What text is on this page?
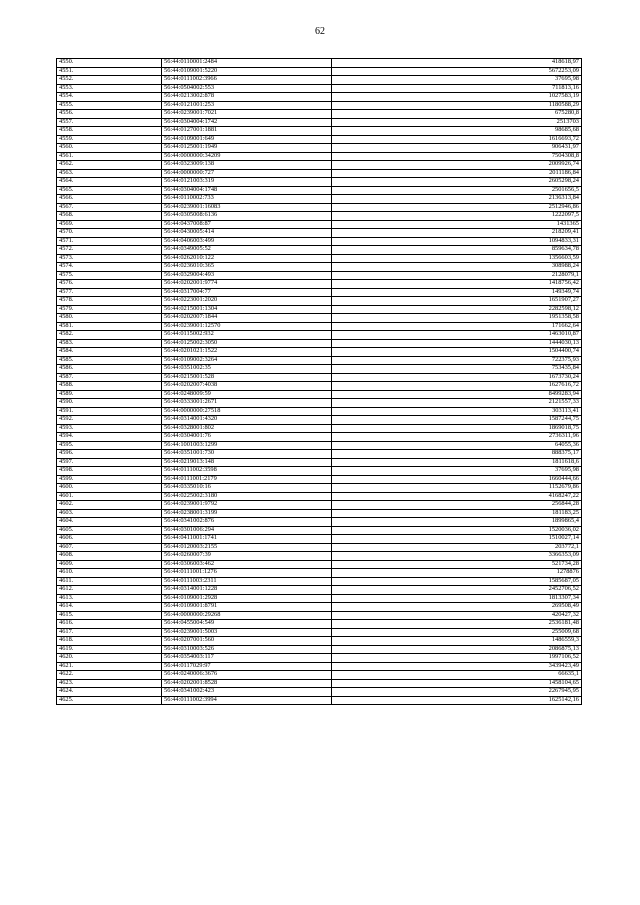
62
4550.	56:44:0110001:2484	418618,97
4551.	56:44:0109001:5220	5672253,09
4552.	56:44:0111002:3966	37695,98
4553.	56:44:0504002:553	711813,16
4554.	56:44:0213002:878	1027583,19
4555.	56:44:0121001:253	1180588,29
4556.	56:44:0239001:7021	675280,8
4557.	56:44:0304004:1742	2513703
4558.	56:44:0127001:1881	98685,68
4559.	56:44:0109001:649	1616693,72
4560.	56:44:0125001:1949	906431,97
4561.	56:44:0000000:34209	7504308,8
4562.	56:44:0323009:138	2009926,74
4563.	56:44:0000000:727	2011186,84
4564.	56:44:0121003:319	2605298,24
4565.	56:44:0304004:1748	2501656,5
4566.	56:44:0110002:733	2136313,84
4567.	56:44:0239001:16083	2512946,86
4568.	56:44:0305008:6136	1222097,5
4569.	56:44:0437008:87	1431365
4570.	56:44:0430005:414	218209,41
4571.	56:44:0406003:499	1094833,31
4572.	56:44:0349005:52	859634,78
4573.	56:44:0262010:122	1356603,59
4574.	56:44:0236010:365	308988,24
4575.	56:44:0329004:493	2128079,1
4576.	56:44:0202001:9774	1418756,42
4577.	56:44:0317004:77	149349,74
4578.	56:44:0223001:2020	1651907,27
4579.	56:44:0215001:1304	2282598,12
4580.	56:44:0202007:1844	1951358,58
4581.	56:44:0239001:12570	171662,64
4582.	56:44:0115002:932	1463010,87
4583.	56:44:0125002:3050	1444030,13
4584.	56:44:0201021:1522	1504400,74
4585.	56:44:0109002:3264	722375,93
4586.	56:44:0351002:35	753435,84
4587.	56:44:0215001:528	1673730,24
4588.	56:44:0202007:4038	1627616,72
4589.	56:44:0248009:59	8499283,94
4590.	56:44:0333001:2671	2121557,33
4591.	56:44:0000000:27518	303113,41
4592.	56:44:0314001:4320	1587244,75
4593.	56:44:0328001:802	1869018,75
4594.	56:44:0304001:76	2736311,96
4595.	56:44:1001003:1299	64055,36
4596.	56:44:0351001:730	888375,17
4597.	56:44:0219013:148	1811618,6
4598.	56:44:0111002:3598	37695,98
4599.	56:44:0111001:2179	1660444,66
4600.	56:44:0335010:16	1152679,86
4601.	56:44:0225002:3180	4168247,22
4602.	56:44:0239001:9792	256844,28
4603.	56:44:0238001:3199	181183,25
4604.	56:44:0341002:876	1899865,4
4605.	56:44:0301006:294	1520036,02
4606.	56:44:0411001:1741	1510027,14
4607.	56:44:0120003:2155	203772,1
4608.	56:44:0260007:39	3366353,09
4609.	56:44:0306003:462	521734,28
4610.	56:44:0111001:1276	1278876
4611.	56:44:0111003:2311	1585687,05
4612.	56:44:0314001:1228	2452706,52
4613.	56:44:0109001:2928	1813307,34
4614.	56:44:0109001:8791	269508,49
4615.	56:44:0000000:29268	420427,32
4616.	56:44:0455004:549	2536181,48
4617.	56:44:0239001:5003	255009,68
4618.	56:44:0207001:560	1486559,3
4619.	56:44:0310003:526	2086875,13
4620.	56:44:0354003:117	1997106,52
4621.	56:44:0117029:97	3439423,49
4622.	56:44:0240006:3676	66635,1
4623.	56:44:0202001:8528	1458104,65
4624.	56:44:0341002:423	2267945,95
4625.	56:44:0111002:3994	1625142,16
